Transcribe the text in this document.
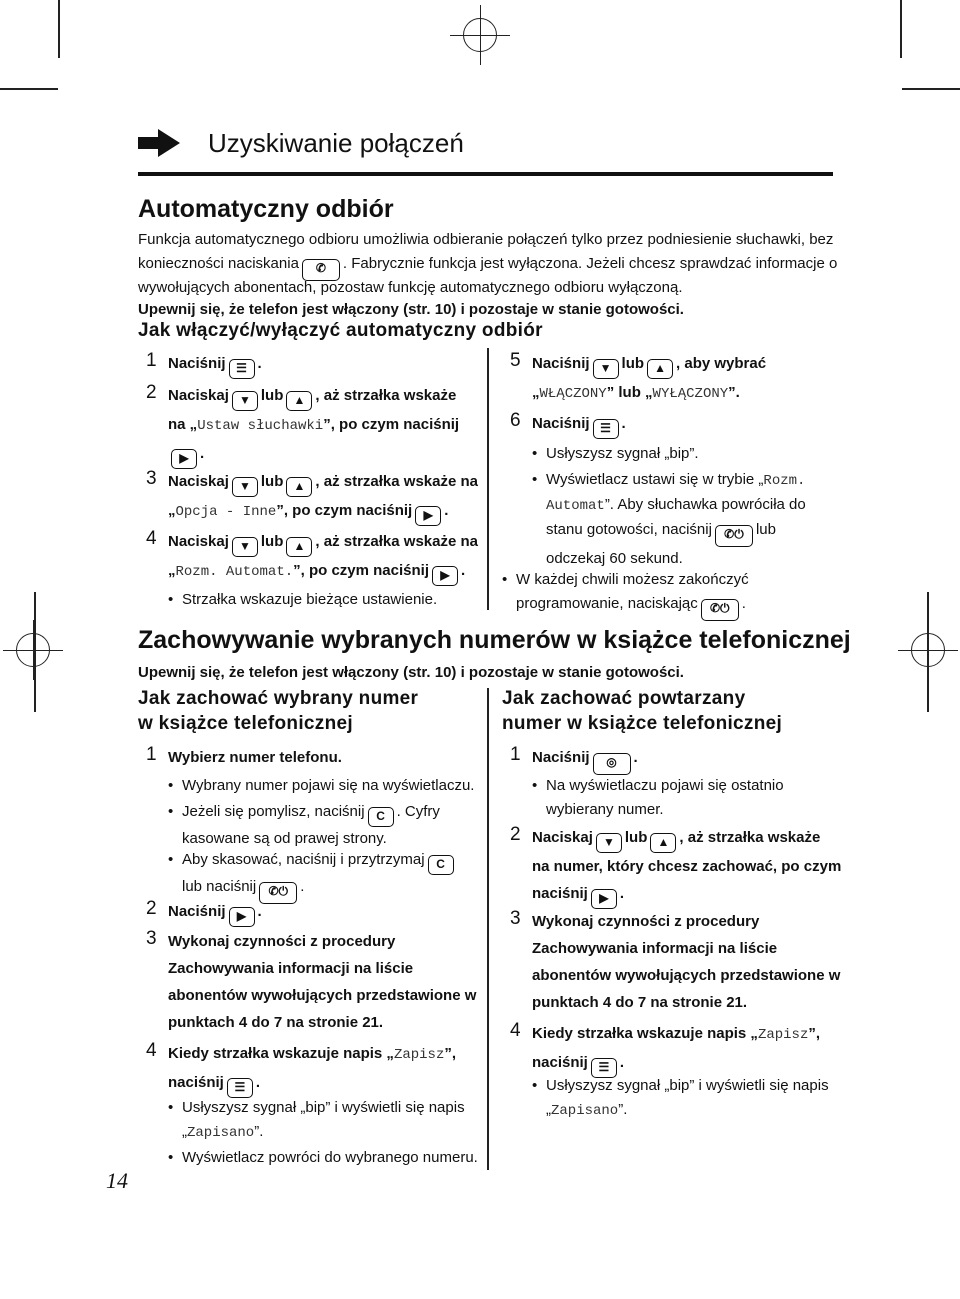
Uzyskiwanie połączeń
Automatyczny odbiór
Funkcja automatycznego odbioru umożliwia odbieranie połączeń tylko przez podniesienie słuchawki, bez
konieczności naciskania ✆ . Fabrycznie funkcja jest wyłączona. Jeżeli chcesz sprawdzać informacje o
wywołujących abonentach, pozostaw funkcję automatycznego odbioru wyłączoną.
Upewnij się, że telefon jest włączony (str. 10) i pozostaje w stanie gotowości.
Jak włączyć/wyłączyć automatyczny odbiór
1 Naciśnij ☰ .
2 Naciskaj ▼ lub ▲ , aż strzałka wskaże
na „Ustaw słuchawki”, po czym naciśnij
▶ .
3 Naciskaj ▼ lub ▲ , aż strzałka wskaże na
„Opcja - Inne”, po czym naciśnij ▶ .
4 Naciskaj ▼ lub ▲ , aż strzałka wskaże na
„Rozm. Automat.”, po czym naciśnij ▶ .
• Strzałka wskazuje bieżące ustawienie.
5 Naciśnij ▼ lub ▲ , aby wybrać
„WŁĄCZONY” lub „WYŁĄCZONY”.
6 Naciśnij ☰ .
• Usłyszysz sygnał „bip”.
• Wyświetlacz ustawi się w trybie „Rozm.
Automat”. Aby słuchawka powróciła do
stanu gotowości, naciśnij ✆⏻ lub
odczekaj 60 sekund.
• W każdej chwili możesz zakończyć
programowanie, naciskając ✆⏻ .
Zachowywanie wybranych numerów w książce telefonicznej
Upewnij się, że telefon jest włączony (str. 10) i pozostaje w stanie gotowości.
Jak zachować wybrany numer
w książce telefonicznej
Jak zachować powtarzany
numer w książce telefonicznej
1 Wybierz numer telefonu.
• Wybrany numer pojawi się na wyświetlaczu.
• Jeżeli się pomylisz, naciśnij C . Cyfry
kasowane są od prawej strony.
• Aby skasować, naciśnij i przytrzymaj C
lub naciśnij ✆⏻ .
2 Naciśnij ▶ .
3 Wykonaj czynności z procedury
Zachowywania informacji na liście
abonentów wywołujących przedstawione w
punktach 4 do 7 na stronie 21.
4 Kiedy strzałka wskazuje napis „Zapisz”,
naciśnij ☰ .
• Usłyszysz sygnał „bip” i wyświetli się napis
„Zapisano”.
• Wyświetlacz powróci do wybranego numeru.
1 Naciśnij ◎ .
• Na wyświetlaczu pojawi się ostatnio
wybierany numer.
2 Naciskaj ▼ lub ▲ , aż strzałka wskaże
na numer, który chcesz zachować, po czym
naciśnij ▶ .
3 Wykonaj czynności z procedury
Zachowywania informacji na liście
abonentów wywołujących przedstawione w
punktach 4 do 7 na stronie 21.
4 Kiedy strzałka wskazuje napis „Zapisz”,
naciśnij ☰ .
• Usłyszysz sygnał „bip” i wyświetli się napis
„Zapisano”.
14
